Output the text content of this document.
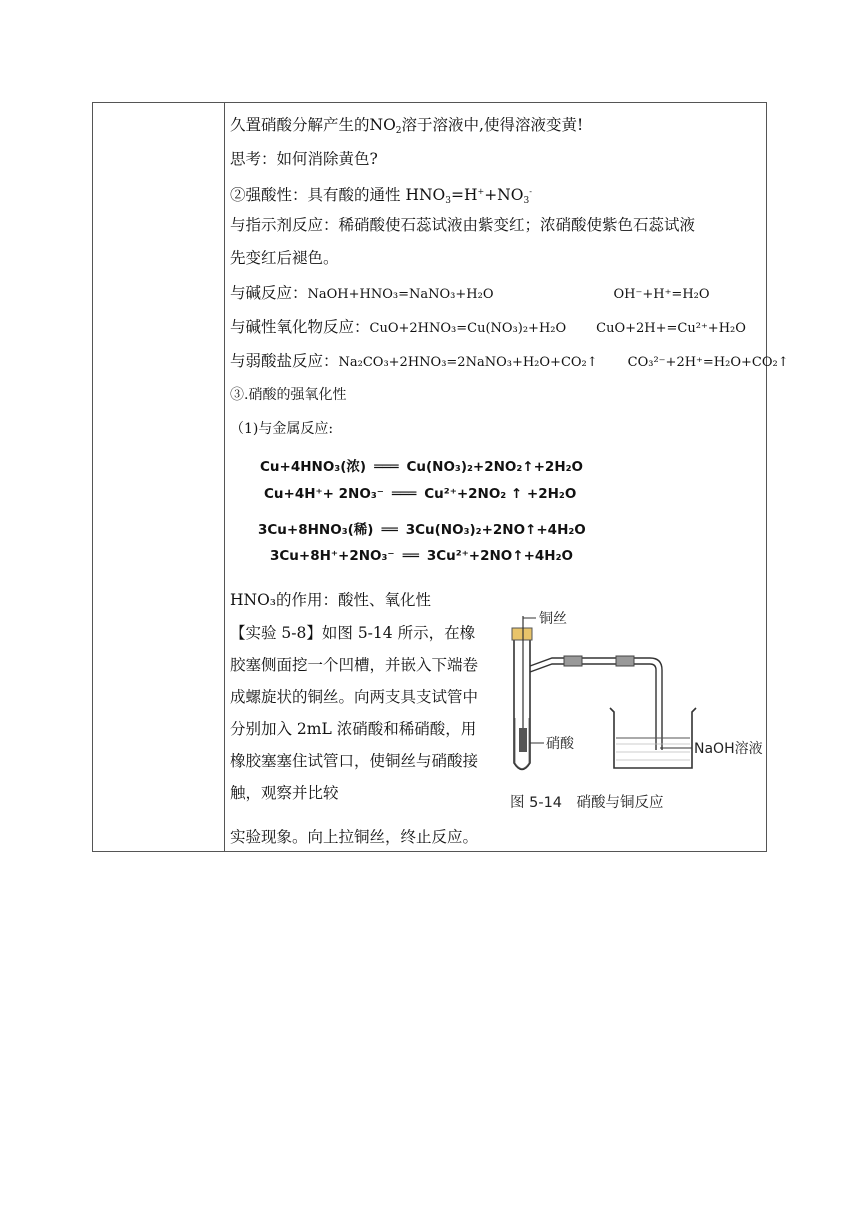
久置硝酸分解产生的$NO_2$溶于溶液中,使得溶液变黄!
思考：如何消除黄色?
②强酸性：具有酸的通性 $HNO_3=H^++NO_3^-$
与指示剂反应：稀硝酸使石蕊试液由紫变红；浓硝酸使紫色石蕊试液
先变红后褪色。
与碱反应：NaOH+HNO₃=NaNO₃+H₂O	OH⁻+H⁺=H₂O
与碱性氧化物反应：CuO+2HNO₃=Cu(NO₃)₂+H₂O CuO+2H+=Cu²⁺+H₂O
与弱酸盐反应：Na₂CO₃+2HNO₃=2NaNO₃+H₂O+CO₂↑ CO₃²⁻+2H⁺=H₂O+CO₂↑
③.硝酸的强氧化性
（1)与金属反应:
Cu+4HNO₃(浓) ═══ Cu(NO₃)₂+2NO₂↑+2H₂O
Cu+4H⁺+ 2NO₃⁻ ═══ Cu²⁺+2NO₂ ↑ +2H₂O
3Cu+8HNO₃(稀) ══ 3Cu(NO₃)₂+2NO↑+4H₂O
3Cu+8H⁺+2NO₃⁻ ══ 3Cu²⁺+2NO↑+4H₂O
HNO₃的作用：酸性、氧化性
【实验 5-8】如图 5-14 所示，在橡胶塞侧面挖一个凹槽，并嵌入下端卷成螺旋状的铜丝。向两支具支试管中分别加入 2mL 浓硝酸和稀硝酸，用橡胶塞塞住试管口，使铜丝与硝酸接触，观察并比较
实验现象。向上拉铜丝，终止反应。
铜丝
硝酸	NaOH溶液
图 5-14　硝酸与铜反应
